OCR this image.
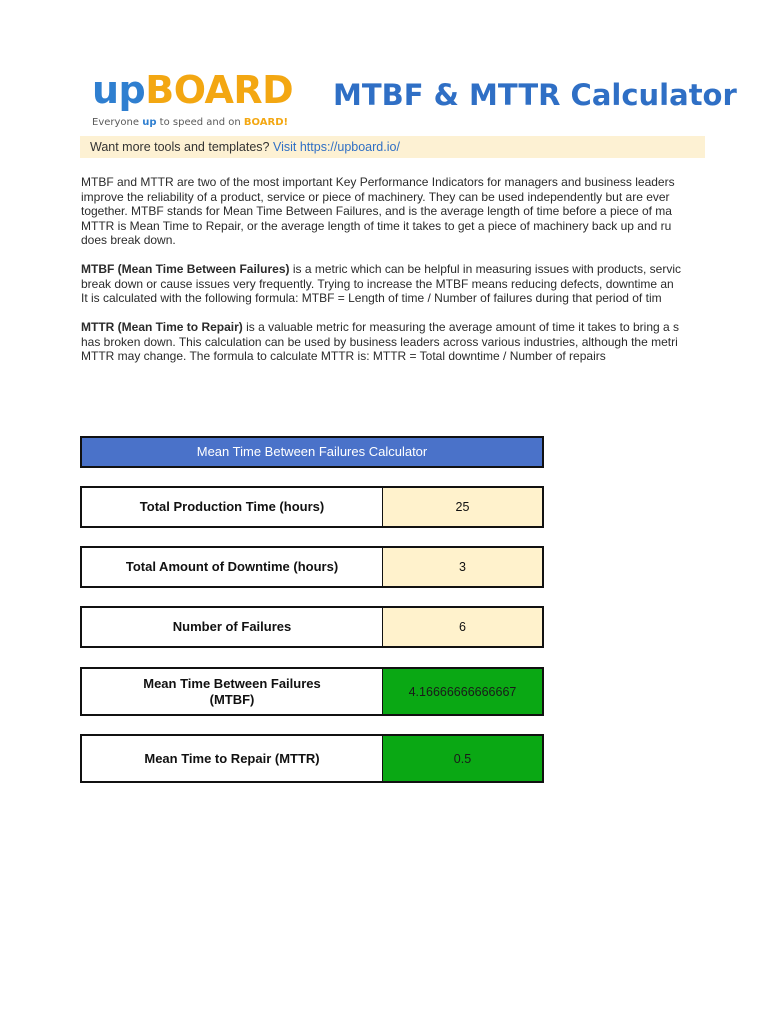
upBOARD
Everyone up to speed and on BOARD!
MTBF & MTTR Calculator
Want more tools and templates? Visit https://upboard.io/
MTBF and MTTR are two of the most important Key Performance Indicators for managers and business leaders
improve the reliability of a product, service or piece of machinery. They can be used independently but are ever
together. MTBF stands for Mean Time Between Failures, and is the average length of time before a piece of ma
MTTR is Mean Time to Repair, or the average length of time it takes to get a piece of machinery back up and ru
does break down.
MTBF (Mean Time Between Failures) is a metric which can be helpful in measuring issues with products, servic
break down or cause issues very frequently. Trying to increase the MTBF means reducing defects, downtime an
It is calculated with the following formula: MTBF = Length of time / Number of failures during that period of tim
MTTR (Mean Time to Repair) is a valuable metric for measuring the average amount of time it takes to bring a s
has broken down. This calculation can be used by business leaders across various industries, although the metri
MTTR may change. The formula to calculate MTTR is: MTTR = Total downtime / Number of repairs
Mean Time Between Failures Calculator
Total Production Time (hours)	25
Total Amount of Downtime (hours)	3
Number of Failures	6
Mean Time Between Failures (MTBF)	4.16666666666667
Mean Time to Repair (MTTR)	0.5
